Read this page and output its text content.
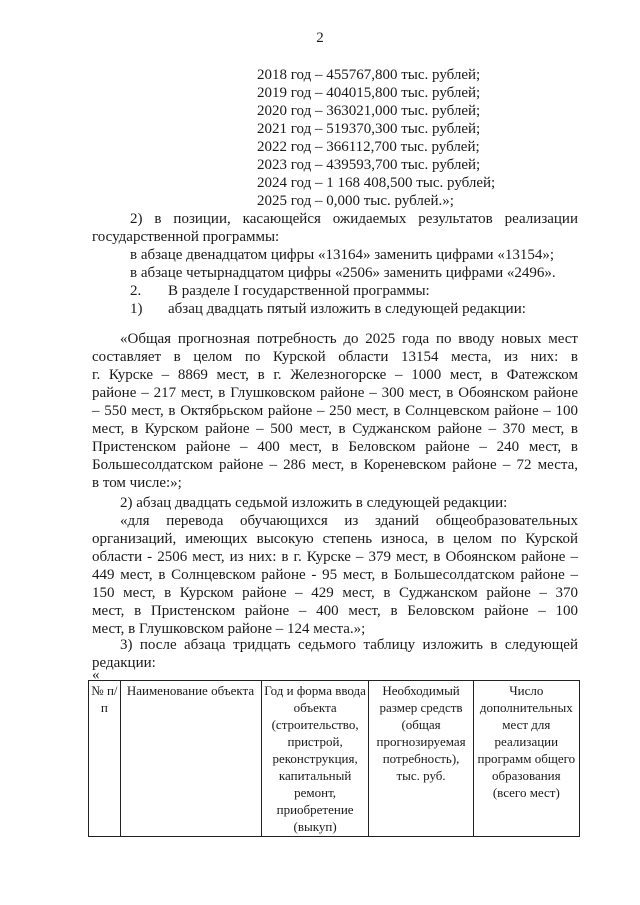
2
2018 год – 455767,800 тыс. рублей;
2019 год – 404015,800 тыс. рублей;
2020 год – 363021,000 тыс. рублей;
2021 год – 519370,300 тыс. рублей;
2022 год – 366112,700 тыс. рублей;
2023 год – 439593,700 тыс. рублей;
2024 год – 1 168 408,500 тыс. рублей;
2025 год – 0,000 тыс. рублей.»;
2) в позиции, касающейся ожидаемых результатов реализации
государственной программы:
в абзаце двенадцатом цифры «13164» заменить цифрами «13154»;
в абзаце четырнадцатом цифры «2506» заменить цифрами «2496».
2. В разделе I государственной программы:
1) абзац двадцать пятый изложить в следующей редакции:
«Общая прогнозная потребность до 2025 года по вводу новых мест
составляет в целом по Курской области 13154 места, из них: в
г. Курске – 8869 мест, в г. Железногорске – 1000 мест, в Фатежском
районе – 217 мест, в Глушковском районе – 300 мест, в Обоянском районе
– 550 мест, в Октябрьском районе – 250 мест, в Солнцевском районе – 100
мест, в Курском районе – 500 мест, в Суджанском районе – 370 мест, в
Пристенском районе – 400 мест, в Беловском районе – 240 мест, в
Большесолдатском районе – 286 мест, в Кореневском районе – 72 места,
в том числе:»;
2) абзац двадцать седьмой изложить в следующей редакции:
«для перевода обучающихся из зданий общеобразовательных
организаций, имеющих высокую степень износа, в целом по Курской
области - 2506 мест, из них: в г. Курске – 379 мест, в Обоянском районе –
449 мест, в Солнцевском районе - 95 мест, в Большесолдатском районе –
150 мест, в Курском районе – 429 мест, в Суджанском районе – 370
мест, в Пристенском районе – 400 мест, в Беловском районе – 100
мест, в Глушковском районе – 124 места.»;
3) после абзаца тридцать седьмого таблицу изложить в следующей
редакции:
«
№ п/п	Наименование объекта	Год и форма ввода объекта (строительство, пристрой, реконструкция, капитальный ремонт, приобретение (выкуп)	Необходимый размер средств (общая прогнозируемая потребность), тыс. руб.	Число дополнительных мест для реализации программ общего образования (всего мест)
